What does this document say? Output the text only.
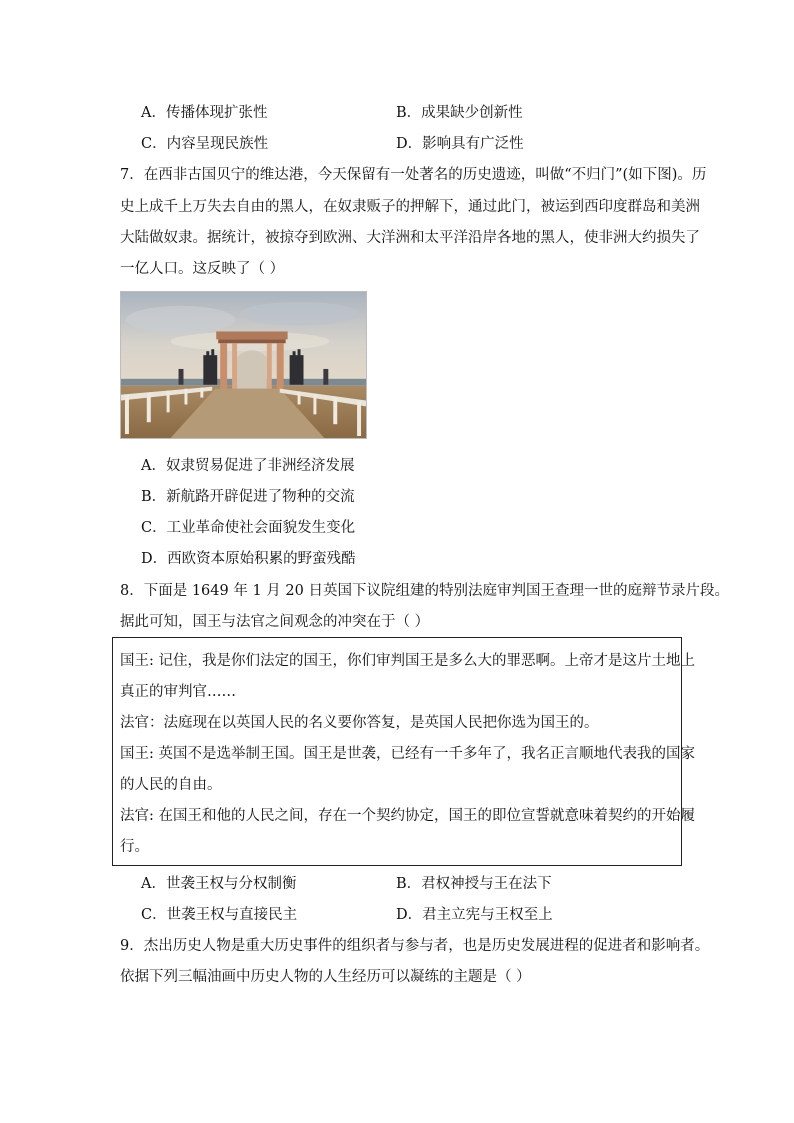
A．传播体现扩张性	B．成果缺少创新性
C．内容呈现民族性	D．影响具有广泛性
7．在西非古国贝宁的维达港，今天保留有一处著名的历史遗迹，叫做“不归门”(如下图)。历
史上成千上万失去自由的黑人，在奴隶贩子的押解下，通过此门，被运到西印度群岛和美洲
大陆做奴隶。据统计，被掠夺到欧洲、大洋洲和太平洋沿岸各地的黑人，使非洲大约损失了
一亿人口。这反映了（ ）
A．奴隶贸易促进了非洲经济发展
B．新航路开辟促进了物种的交流
C．工业革命使社会面貌发生变化
D．西欧资本原始积累的野蛮残酷
8．下面是 1649 年 1 月 20 日英国下议院组建的特别法庭审判国王查理一世的庭辩节录片段。
据此可知，国王与法官之间观念的冲突在于（ ）
国王: 记住，我是你们法定的国王，你们审判国王是多么大的罪恶啊。上帝才是这片土地上
真正的审判官……
法官：法庭现在以英国人民的名义要你答复，是英国人民把你选为国王的。
国王: 英国不是选举制王国。国王是世袭，已经有一千多年了，我名正言顺地代表我的国家
的人民的自由。
法官: 在国王和他的人民之间，存在一个契约协定，国王的即位宣誓就意味着契约的开始履
行。
A．世袭王权与分权制衡	B．君权神授与王在法下
C．世袭王权与直接民主	D．君主立宪与王权至上
9．杰出历史人物是重大历史事件的组织者与参与者，也是历史发展进程的促进者和影响者。
依据下列三幅油画中历史人物的人生经历可以凝练的主题是（ ）
